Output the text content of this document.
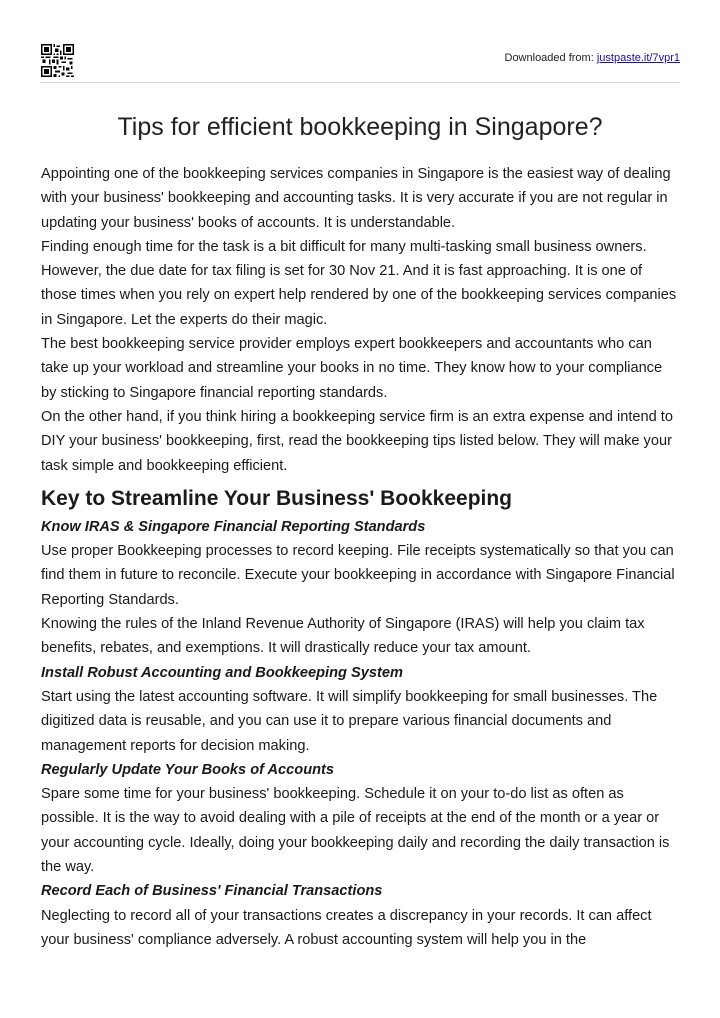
Downloaded from: justpaste.it/7vpr1
Tips for efficient bookkeeping in Singapore?

Appointing one of the bookkeeping services companies in Singapore is the easiest way of dealing with your business' bookkeeping and accounting tasks. It is very accurate if you are not regular in updating your business' books of accounts. It is understandable.

Finding enough time for the task is a bit difficult for many multi-tasking small business owners. However, the due date for tax filing is set for 30 Nov 21. And it is fast approaching. It is one of those times when you rely on expert help rendered by one of the bookkeeping services companies in Singapore. Let the experts do their magic.

The best bookkeeping service provider employs expert bookkeepers and accountants who can take up your workload and streamline your books in no time. They know how to your compliance by sticking to Singapore financial reporting standards.

On the other hand, if you think hiring a bookkeeping service firm is an extra expense and intend to DIY your business' bookkeeping, first, read the bookkeeping tips listed below. They will make your task simple and bookkeeping efficient.

Key to Streamline Your Business' Bookkeeping
Know IRAS & Singapore Financial Reporting Standards

Use proper Bookkeeping processes to record keeping. File receipts systematically so that you can find them in future to reconcile. Execute your bookkeeping in accordance with Singapore Financial Reporting Standards.

Knowing the rules of the Inland Revenue Authority of Singapore (IRAS) will help you claim tax benefits, rebates, and exemptions. It will drastically reduce your tax amount.

Install Robust Accounting and Bookkeeping System

Start using the latest accounting software. It will simplify bookkeeping for small businesses. The digitized data is reusable, and you can use it to prepare various financial documents and management reports for decision making.

Regularly Update Your Books of Accounts

Spare some time for your business' bookkeeping. Schedule it on your to-do list as often as possible. It is the way to avoid dealing with a pile of receipts at the end of the month or a year or your accounting cycle. Ideally, doing your bookkeeping daily and recording the daily transaction is the way.

Record Each of Business' Financial Transactions

Neglecting to record all of your transactions creates a discrepancy in your records. It can affect your business' compliance adversely. A robust accounting system will help you in the
